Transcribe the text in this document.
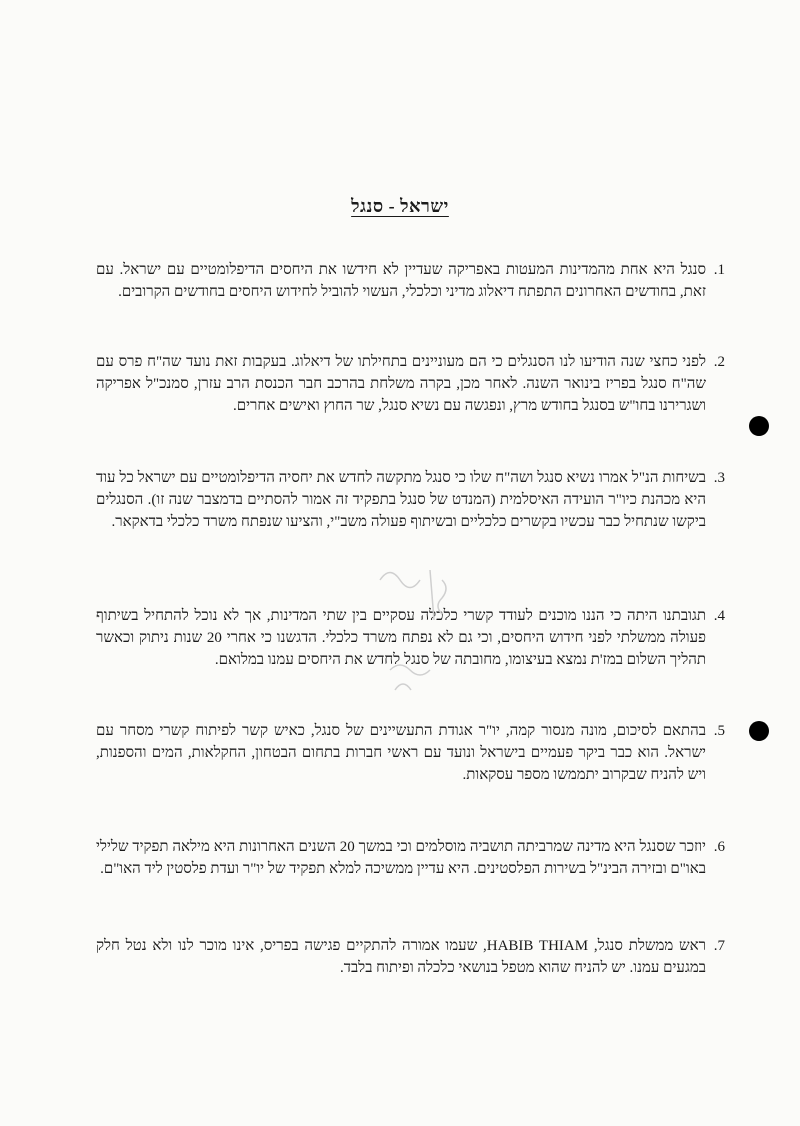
ישראל - סנגל
.1
סנגל היא אחת מהמדינות המעטות באפריקה שעדיין לא חידשו את היחסים הדיפלומטיים עם ישראל. עם זאת, בחודשים האחרונים התפתח דיאלוג מדיני וכלכלי, העשוי להוביל לחידוש היחסים בחודשים הקרובים.
.2
לפני כחצי שנה הודיעו לנו הסנגלים כי הם מעוניינים בתחילתו של דיאלוג. בעקבות זאת נועד שה"ח פרס עם שה"ח סנגל בפריז בינואר השנה. לאחר מכן, בקרה משלחת בהרכב חבר הכנסת הרב עזרן, סמנכ"ל אפריקה ושגרירנו בחו"ש בסנגל בחודש מרץ, ונפגשה עם נשיא סנגל, שר החוץ ואישים אחרים.
.3
בשיחות הנ"ל אמרו נשיא סנגל ושה"ח שלו כי סנגל מתקשה לחדש את יחסיה הדיפלומטיים עם ישראל כל עוד היא מכהנת כיו"ר הועידה האיסלמית (המנדט של סנגל בתפקיד זה אמור להסתיים בדמצבר שנה זו). הסנגלים ביקשו שנתחיל כבר עכשיו בקשרים כלכליים ובשיתוף פעולה משב"י, והציעו שנפתח משרד כלכלי בדאקאר.
.4
תגובתנו היתה כי הננו מוכנים לעודד קשרי כלכלה עסקיים בין שתי המדינות, אך לא נוכל להתחיל בשיתוף פעולה ממשלתי לפני חידוש היחסים, וכי גם לא נפתח משרד כלכלי. הדגשנו כי אחרי 20 שנות ניתוק וכאשר תהליך השלום במז'ת נמצא בעיצומו, מחובתה של סנגל לחדש את היחסים עמנו במלואם.
.5
בהתאם לסיכום, מונה מנסור קמה, יו"ר אגודת התעשיינים של סנגל, כאיש קשר לפיתוח קשרי מסחר עם ישראל. הוא כבר ביקר פעמיים בישראל ונועד עם ראשי חברות בתחום הבטחון, החקלאות, המים והספנות, ויש להניח שבקרוב יתממשו מספר עסקאות.
.6
יוזכר שסנגל היא מדינה שמרביתה תושביה מוסלמים וכי במשך 20 השנים האחרונות היא מילאה תפקיד שלילי באו"ם ובזירה הבינ"ל בשירות הפלסטינים. היא עדיין ממשיכה למלא תפקיד של יו"ר ועדת פלסטין ליד האו"ם.
.7
ראש ממשלת סנגל, HABIB THIAM, שעמו אמורה להתקיים פגישה בפריס, אינו מוכר לנו ולא נטל חלק במגעים עמנו. יש להניח שהוא מטפל בנושאי כלכלה ופיתוח בלבד.
